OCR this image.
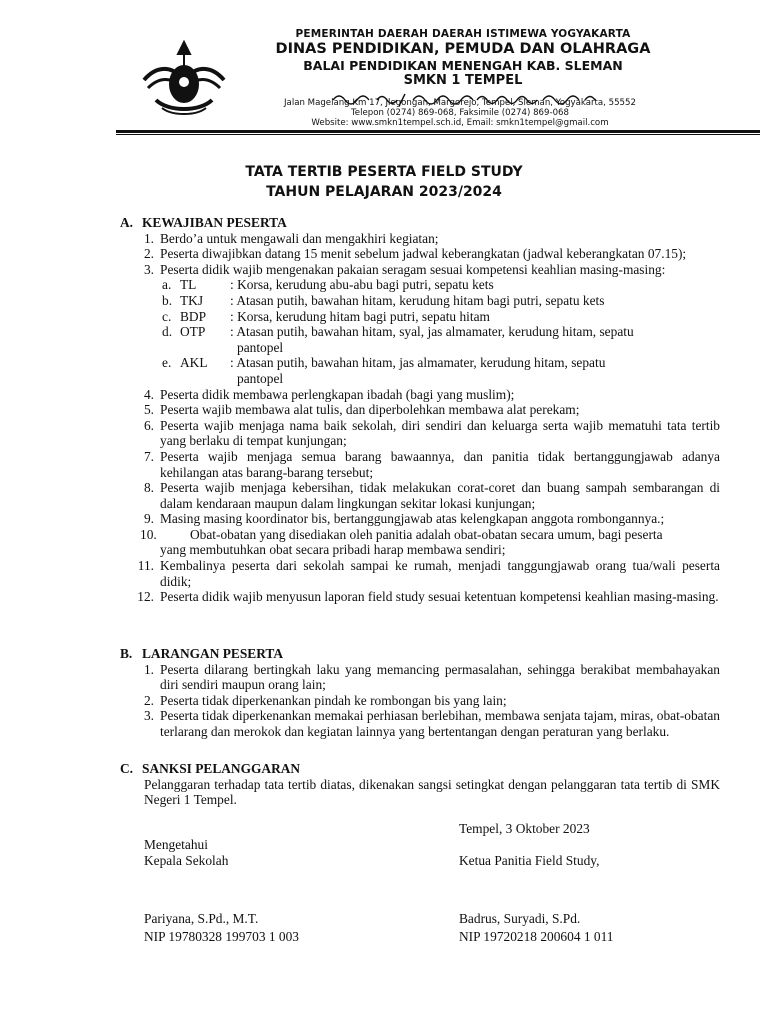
PEMERINTAH DAERAH DAERAH ISTIMEWA YOGYAKARTA
DINAS PENDIDIKAN, PEMUDA DAN OLAHRAGA
BALAI PENDIDIKAN MENENGAH KAB. SLEMAN
SMKN 1 TEMPEL
Jalan Magelang Km 17, Jlegongan, Margorejo, Tempel, Sleman, Yogyakarta, 55552
Telepon (0274) 869-068, Faksimile (0274) 869-068
Website: www.smkn1tempel.sch.id, Email: smkn1tempel@gmail.com
TATA TERTIB PESERTA FIELD STUDY
TAHUN PELAJARAN 2023/2024
A. KEWAJIBAN PESERTA
1. Berdo’a untuk mengawali dan mengakhiri kegiatan;
2. Peserta diwajibkan datang 15 menit sebelum jadwal keberangkatan (jadwal keberangkatan 07.15);
3. Peserta didik wajib mengenakan pakaian seragam sesuai kompetensi keahlian masing-masing:
a. TL	: Korsa, kerudung abu-abu bagi putri, sepatu kets
b. TKJ : Atasan putih, bawahan hitam, kerudung hitam bagi putri, sepatu kets
c. BDP : Korsa, kerudung hitam bagi putri, sepatu hitam
d. OTP : Atasan putih, bawahan hitam, syal, jas almamater, kerudung hitam, sepatu
pantopel
e. AKL : Atasan putih, bawahan hitam, jas almamater, kerudung hitam, sepatu
pantopel
4. Peserta didik membawa perlengkapan ibadah (bagi yang muslim);
5. Peserta wajib membawa alat tulis, dan diperbolehkan membawa alat perekam;
6. Peserta wajib menjaga nama baik sekolah, diri sendiri dan keluarga serta wajib mematuhi tata tertib yang berlaku di tempat kunjungan;
7. Peserta wajib menjaga semua barang bawaannya, dan panitia tidak bertanggungjawab adanya kehilangan atas barang-barang tersebut;
8. Peserta wajib menjaga kebersihan, tidak melakukan corat-coret dan buang sampah sembarangan di dalam kendaraan maupun dalam lingkungan sekitar lokasi kunjungan;
9. Masing masing koordinator bis, bertanggungjawab atas kelengkapan anggota rombongannya.;
10.	Obat-obatan yang disediakan oleh panitia adalah obat-obatan secara umum, bagi peserta
yang membutuhkan obat secara pribadi harap membawa sendiri;
11. Kembalinya peserta dari sekolah sampai ke rumah, menjadi tanggungjawab orang tua/wali peserta didik;
12. Peserta didik wajib menyusun laporan field study sesuai ketentuan kompetensi keahlian masing-masing.
B. LARANGAN PESERTA
1. Peserta dilarang bertingkah laku yang memancing permasalahan, sehingga berakibat membahayakan diri sendiri maupun orang lain;
2. Peserta tidak diperkenankan pindah ke rombongan bis yang lain;
3. Peserta tidak diperkenankan memakai perhiasan berlebihan, membawa senjata tajam, miras, obat-obatan terlarang dan merokok dan kegiatan lainnya yang bertentangan dengan peraturan yang berlaku.
C. SANKSI PELANGGARAN
Pelanggaran terhadap tata tertib diatas, dikenakan sangsi setingkat dengan pelanggaran tata tertib di SMK Negeri 1 Tempel.
Tempel, 3 Oktober 2023
Mengetahui
Kepala Sekolah	Ketua Panitia Field Study,
Pariyana, S.Pd., M.T.
NIP 19780328 199703 1 003
Badrus, Suryadi, S.Pd.
NIP 19720218 200604 1 011
